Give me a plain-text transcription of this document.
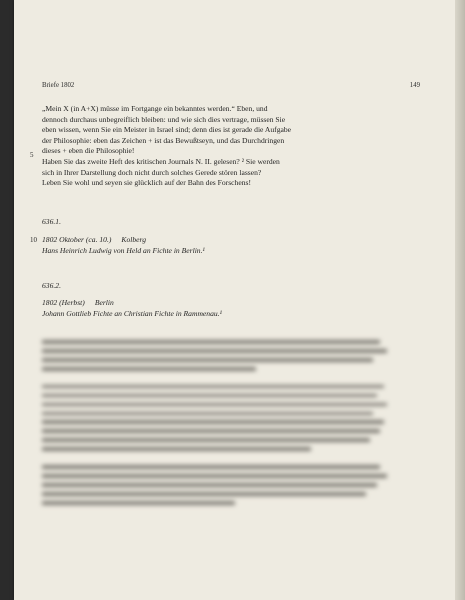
Briefe 1802	149
„Mein X (in A+X) müsse im Fortgange ein bekanntes werden.“ Eben, und
dennoch durchaus unbegreiflich bleiben: und wie sich dies vertrage, müssen Sie
eben wissen, wenn Sie ein Meister in Israel sind; denn dies ist gerade die Aufgabe
der Philosophie: eben das Zeichen + ist das Bewußtseyn, und das Durchdringen
dieses + eben die Philosophie!
Haben Sie das zweite Heft des kritischen Journals N. II. gelesen? ² Sie werden
sich in Ihrer Darstellung doch nicht durch solches Gerede stören lassen?
Leben Sie wohl und seyen sie glücklich auf der Bahn des Forschens!
5
636.1.
10 1802 Oktober (ca. 10.) Kolberg
Hans Heinrich Ludwig von Held an Fichte in Berlin.¹
636.2.
1802 (Herbst) Berlin
Johann Gottlieb Fichte an Christian Fichte in Rammenau.¹
